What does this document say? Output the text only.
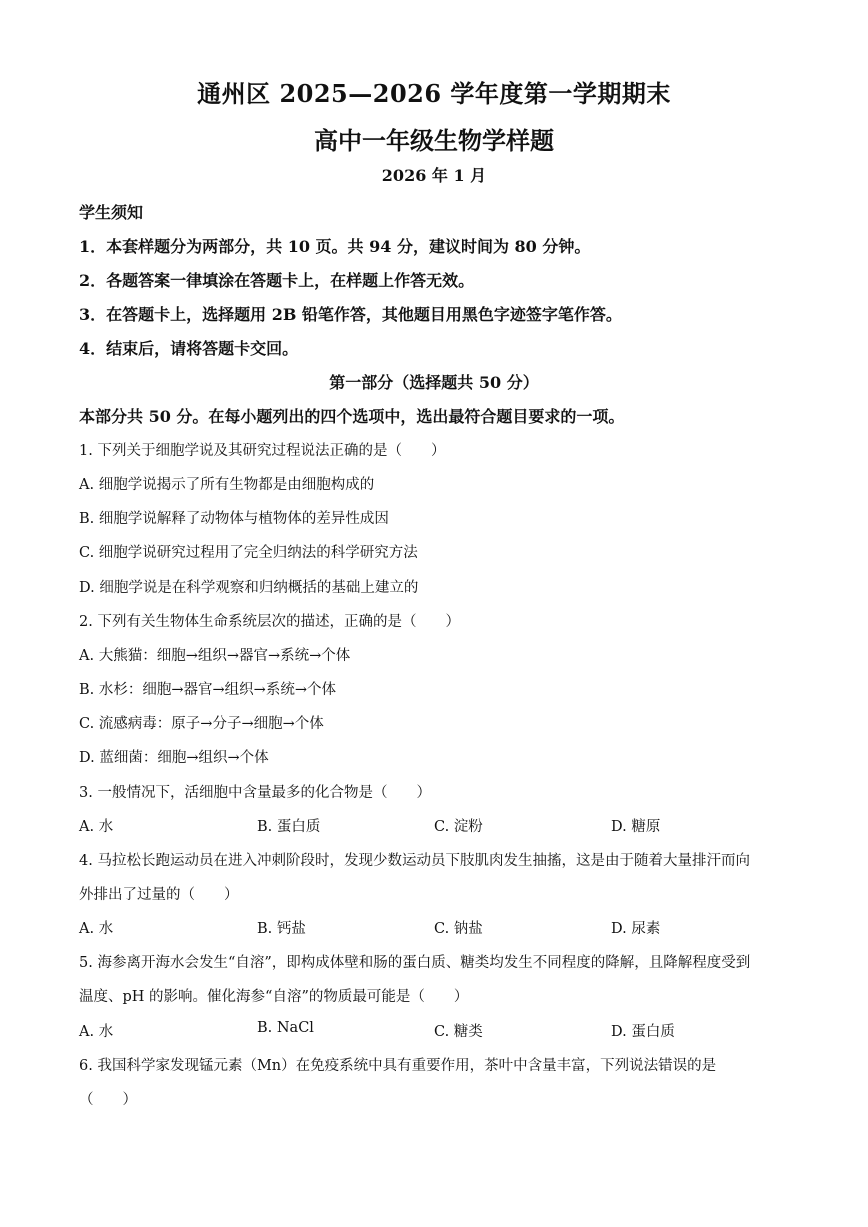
通州区 2025—2026 学年度第一学期期末
高中一年级生物学样题
2026 年 1 月
学生须知
1．本套样题分为两部分，共 10 页。共 94 分，建议时间为 80 分钟。
2．各题答案一律填涂在答题卡上，在样题上作答无效。
3．在答题卡上，选择题用 2B 铅笔作答，其他题目用黑色字迹签字笔作答。
4．结束后，请将答题卡交回。
第一部分（选择题共 50 分）
本部分共 50 分。在每小题列出的四个选项中，选出最符合题目要求的一项。
1. 下列关于细胞学说及其研究过程说法正确的是（　　）
A. 细胞学说揭示了所有生物都是由细胞构成的
B. 细胞学说解释了动物体与植物体的差异性成因
C. 细胞学说研究过程用了完全归纳法的科学研究方法
D. 细胞学说是在科学观察和归纳概括的基础上建立的
2. 下列有关生物体生命系统层次的描述，正确的是（　　）
A. 大熊猫：细胞→组织→器官→系统→个体
B. 水杉：细胞→器官→组织→系统→个体
C. 流感病毒：原子→分子→细胞→个体
D. 蓝细菌：细胞→组织→个体
3. 一般情况下，活细胞中含量最多的化合物是（　　）
A. 水	B. 蛋白质	C. 淀粉	D. 糖原
4. 马拉松长跑运动员在进入冲刺阶段时，发现少数运动员下肢肌肉发生抽搐，这是由于随着大量排汗而向
外排出了过量的（　　）
A. 水	B. 钙盐	C. 钠盐	D. 尿素
5. 海参离开海水会发生“自溶”，即构成体壁和肠的蛋白质、糖类均发生不同程度的降解，且降解程度受到
温度、pH 的影响。催化海参“自溶”的物质最可能是（　　）
A. 水	B. NaCl	C. 糖类	D. 蛋白质
6. 我国科学家发现锰元素（Mn）在免疫系统中具有重要作用，茶叶中含量丰富，下列说法错误的是
（　　）
